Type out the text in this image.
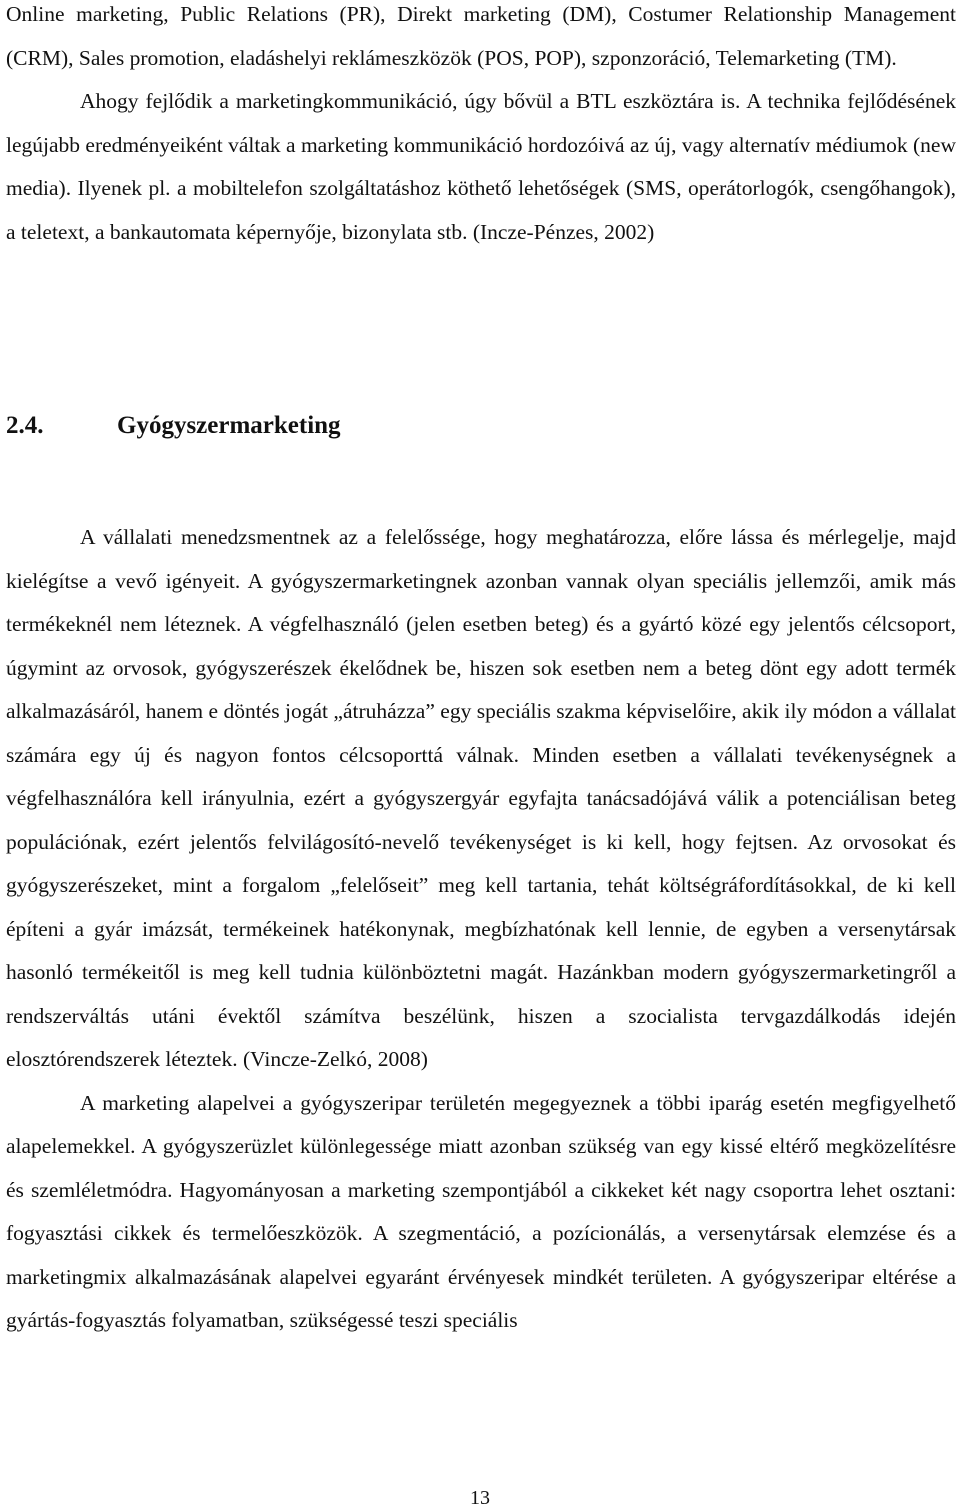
Online marketing, Public Relations (PR), Direkt marketing (DM), Costumer Relationship Management (CRM), Sales promotion, eladáshelyi reklámeszközök (POS, POP), szponzoráció, Telemarketing (TM).

Ahogy fejlődik a marketingkommunikáció, úgy bővül a BTL eszköztára is. A technika fejlődésének legújabb eredményeiként váltak a marketing kommunikáció hordozóivá az új, vagy alternatív médiumok (new media). Ilyenek pl. a mobiltelefon szolgáltatáshoz köthető lehetőségek (SMS, operátorlogók, csengőhangok), a teletext, a bankautomata képernyője, bizonylata stb. (Incze-Pénzes, 2002)

2.4.	Gyógyszermarketing

A vállalati menedzsmentnek az a felelőssége, hogy meghatározza, előre lássa és mérlegelje, majd kielégítse a vevő igényeit. A gyógyszermarketingnek azonban vannak olyan speciális jellemzői, amik más termékeknél nem léteznek. A végfelhasználó (jelen esetben beteg) és a gyártó közé egy jelentős célcsoport, úgymint az orvosok, gyógyszerészek ékelődnek be, hiszen sok esetben nem a beteg dönt egy adott termék alkalmazásáról, hanem e döntés jogát „átruházza” egy speciális szakma képviselőire, akik ily módon a vállalat számára egy új és nagyon fontos célcsoporttá válnak. Minden esetben a vállalati tevékenységnek a végfelhasználóra kell irányulnia, ezért a gyógyszergyár egyfajta tanácsadójává válik a potenciálisan beteg populációnak, ezért jelentős felvilágosító-nevelő tevékenységet is ki kell, hogy fejtsen. Az orvosokat és gyógyszerészeket, mint a forgalom „felelőseit” meg kell tartania, tehát költségráfordításokkal, de ki kell építeni a gyár imázsát, termékeinek hatékonynak, megbízhatónak kell lennie, de egyben a versenytársak hasonló termékeitől is meg kell tudnia különböztetni magát. Hazánkban modern gyógyszermarketingről a rendszerváltás utáni évektől számítva beszélünk, hiszen a szocialista tervgazdálkodás idején elosztórendszerek léteztek. (Vincze-Zelkó, 2008)

A marketing alapelvei a gyógyszeripar területén megegyeznek a többi iparág esetén megfigyelhető alapelemekkel. A gyógyszerüzlet különlegessége miatt azonban szükség van egy kissé eltérő megközelítésre és szemléletmódra. Hagyományosan a marketing szempontjából a cikkeket két nagy csoportra lehet osztani: fogyasztási cikkek és termelőeszközök. A szegmentáció, a pozícionálás, a versenytársak elemzése és a marketingmix alkalmazásának alapelvei egyaránt érvényesek mindkét területen. A gyógyszeripar eltérése a gyártás-fogyasztás folyamatban, szükségessé teszi speciális

13
